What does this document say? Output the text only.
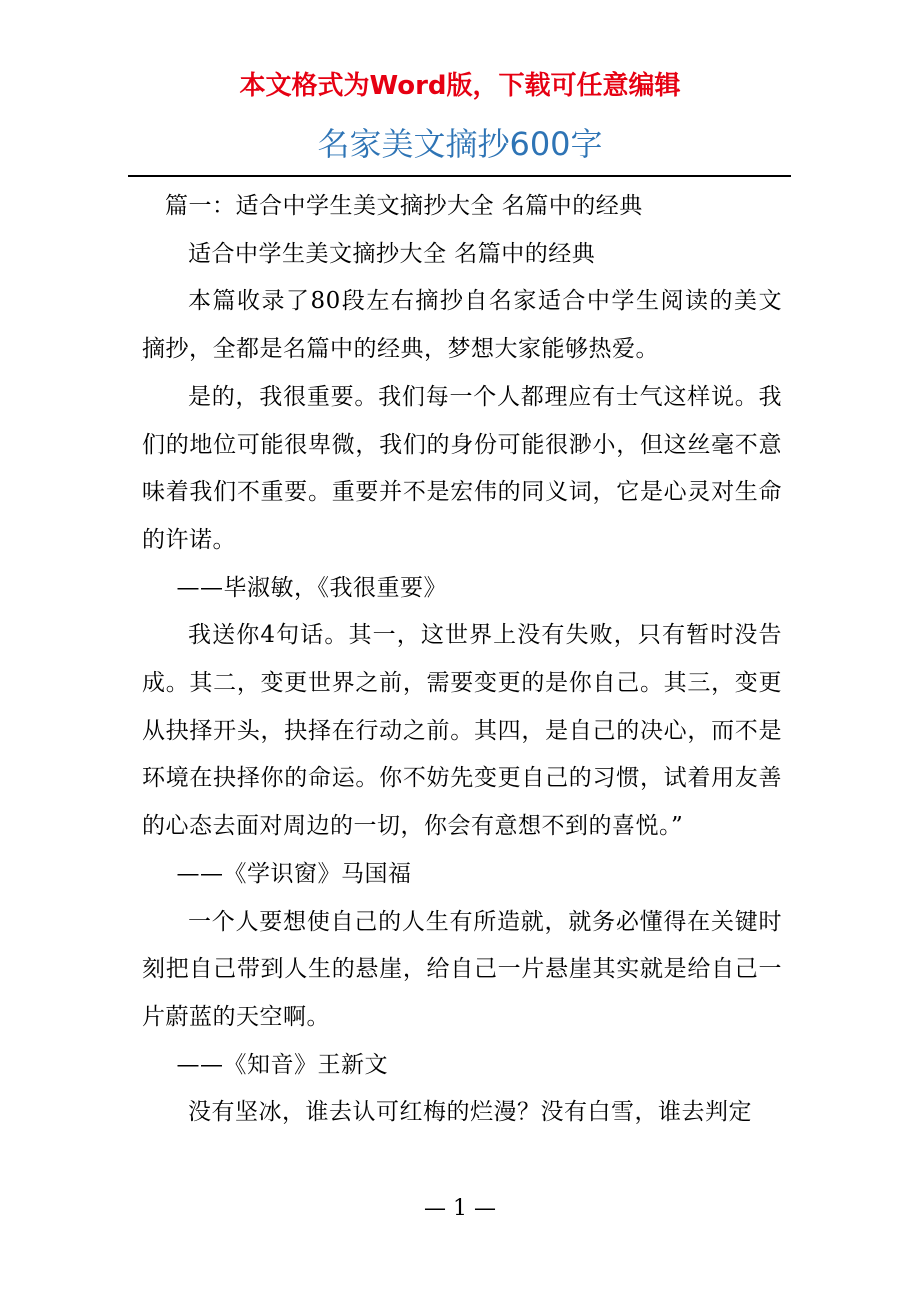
本文格式为Word版，下载可任意编辑
名家美文摘抄600字

篇一：适合中学生美文摘抄大全 名篇中的经典

适合中学生美文摘抄大全 名篇中的经典

本篇收录了80段左右摘抄自名家适合中学生阅读的美文摘抄，全都是名篇中的经典，梦想大家能够热爱。

是的，我很重要。我们每一个人都理应有士气这样说。我们的地位可能很卑微，我们的身份可能很渺小，但这丝毫不意味着我们不重要。重要并不是宏伟的同义词，它是心灵对生命的许诺。

——毕淑敏，《我很重要》

我送你4句话。其一，这世界上没有失败，只有暂时没告成。其二，变更世界之前，需要变更的是你自己。其三，变更从抉择开头，抉择在行动之前。其四，是自己的决心，而不是环境在抉择你的命运。你不妨先变更自己的习惯，试着用友善的心态去面对周边的一切，你会有意想不到的喜悦。”

——《学识窗》马国福

一个人要想使自己的人生有所造就，就务必懂得在关键时刻把自己带到人生的悬崖，给自己一片悬崖其实就是给自己一片蔚蓝的天空啊。

——《知音》王新文

没有坚冰，谁去认可红梅的烂漫？没有白雪，谁去判定

— 1 —
